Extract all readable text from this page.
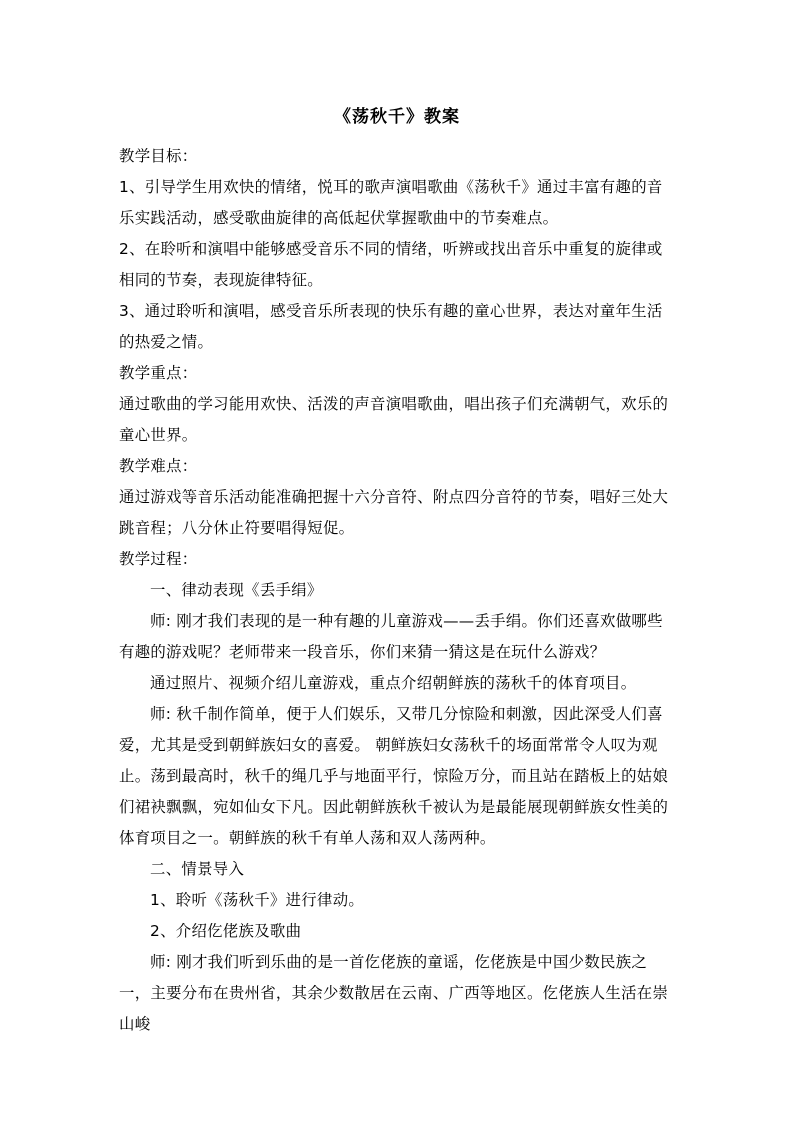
《荡秋千》教案

教学目标：

1、引导学生用欢快的情绪，悦耳的歌声演唱歌曲《荡秋千》通过丰富有趣的音乐实践活动，感受歌曲旋律的高低起伏掌握歌曲中的节奏难点。

2、在聆听和演唱中能够感受音乐不同的情绪，听辨或找出音乐中重复的旋律或相同的节奏，表现旋律特征。

3、通过聆听和演唱，感受音乐所表现的快乐有趣的童心世界，表达对童年生活的热爱之情。

教学重点：

通过歌曲的学习能用欢快、活泼的声音演唱歌曲，唱出孩子们充满朝气，欢乐的童心世界。

教学难点：

通过游戏等音乐活动能准确把握十六分音符、附点四分音符的节奏，唱好三处大跳音程；八分休止符要唱得短促。

教学过程：

一、律动表现《丢手绢》

师: 刚才我们表现的是一种有趣的儿童游戏——丢手绢。你们还喜欢做哪些有趣的游戏呢？老师带来一段音乐，你们来猜一猜这是在玩什么游戏？

通过照片、视频介绍儿童游戏，重点介绍朝鲜族的荡秋千的体育项目。

师: 秋千制作简单，便于人们娱乐，又带几分惊险和刺激，因此深受人们喜爱，尤其是受到朝鲜族妇女的喜爱。 朝鲜族妇女荡秋千的场面常常令人叹为观止。荡到最高时，秋千的绳几乎与地面平行，惊险万分，而且站在踏板上的姑娘们裙袂飘飘，宛如仙女下凡。因此朝鲜族秋千被认为是最能展现朝鲜族女性美的体育项目之一。朝鲜族的秋千有单人荡和双人荡两种。

二、情景导入

1、聆听《荡秋千》进行律动。

2、介绍仡佬族及歌曲

师: 刚才我们听到乐曲的是一首仡佬族的童谣，仡佬族是中国少数民族之一，主要分布在贵州省，其余少数散居在云南、广西等地区。仡佬族人生活在崇山峻
